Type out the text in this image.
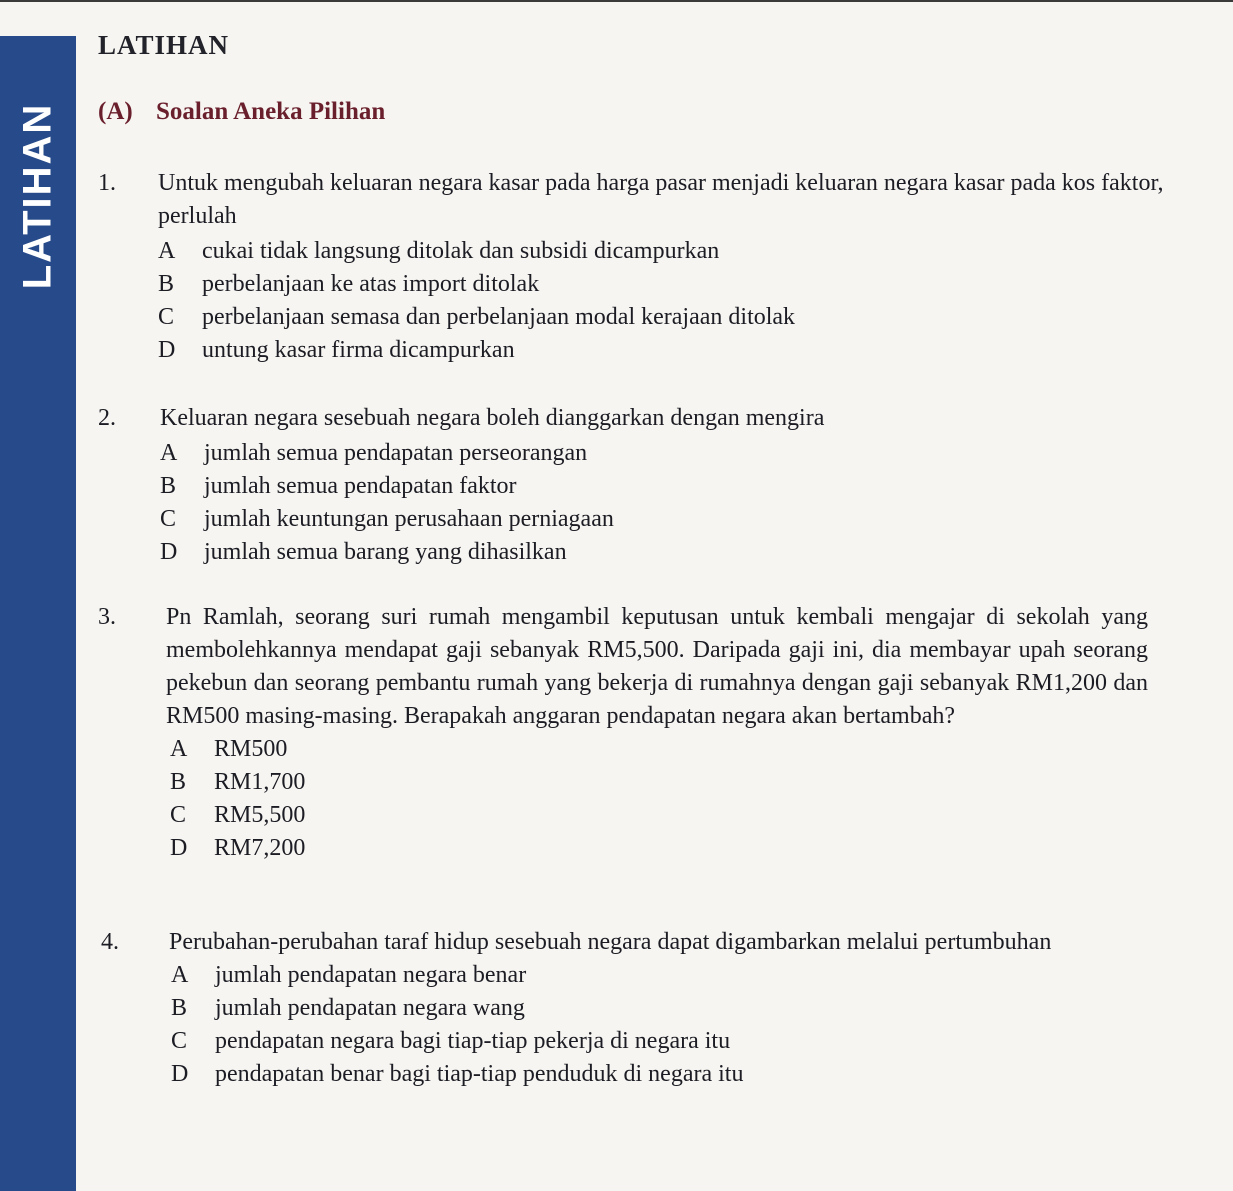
LATIHAN
LATIHAN
(A) Soalan Aneka Pilihan
1.	Untuk mengubah keluaran negara kasar pada harga pasar menjadi keluaran negara kasar pada kos faktor, perlulah

A cukai tidak langsung ditolak dan subsidi dicampurkan
B perbelanjaan ke atas import ditolak
C perbelanjaan semasa dan perbelanjaan modal kerajaan ditolak
D untung kasar firma dicampurkan
2.	Keluaran negara sesebuah negara boleh dianggarkan dengan mengira

A jumlah semua pendapatan perseorangan
B jumlah semua pendapatan faktor
C jumlah keuntungan perusahaan perniagaan
D jumlah semua barang yang dihasilkan
3.	Pn Ramlah, seorang suri rumah mengambil keputusan untuk kembali mengajar di sekolah yang membolehkannya mendapat gaji sebanyak RM5,500. Daripada gaji ini, dia membayar upah seorang pekebun dan seorang pembantu rumah yang bekerja di rumahnya dengan gaji sebanyak RM1,200 dan RM500 masing-masing. Berapakah anggaran pendapatan negara akan bertambah?

A RM500
B RM1,700
C RM5,500
D RM7,200
4.	Perubahan-perubahan taraf hidup sesebuah negara dapat digambarkan melalui pertumbuhan

A jumlah pendapatan negara benar
B jumlah pendapatan negara wang
C pendapatan negara bagi tiap-tiap pekerja di negara itu
D pendapatan benar bagi tiap-tiap penduduk di negara itu
